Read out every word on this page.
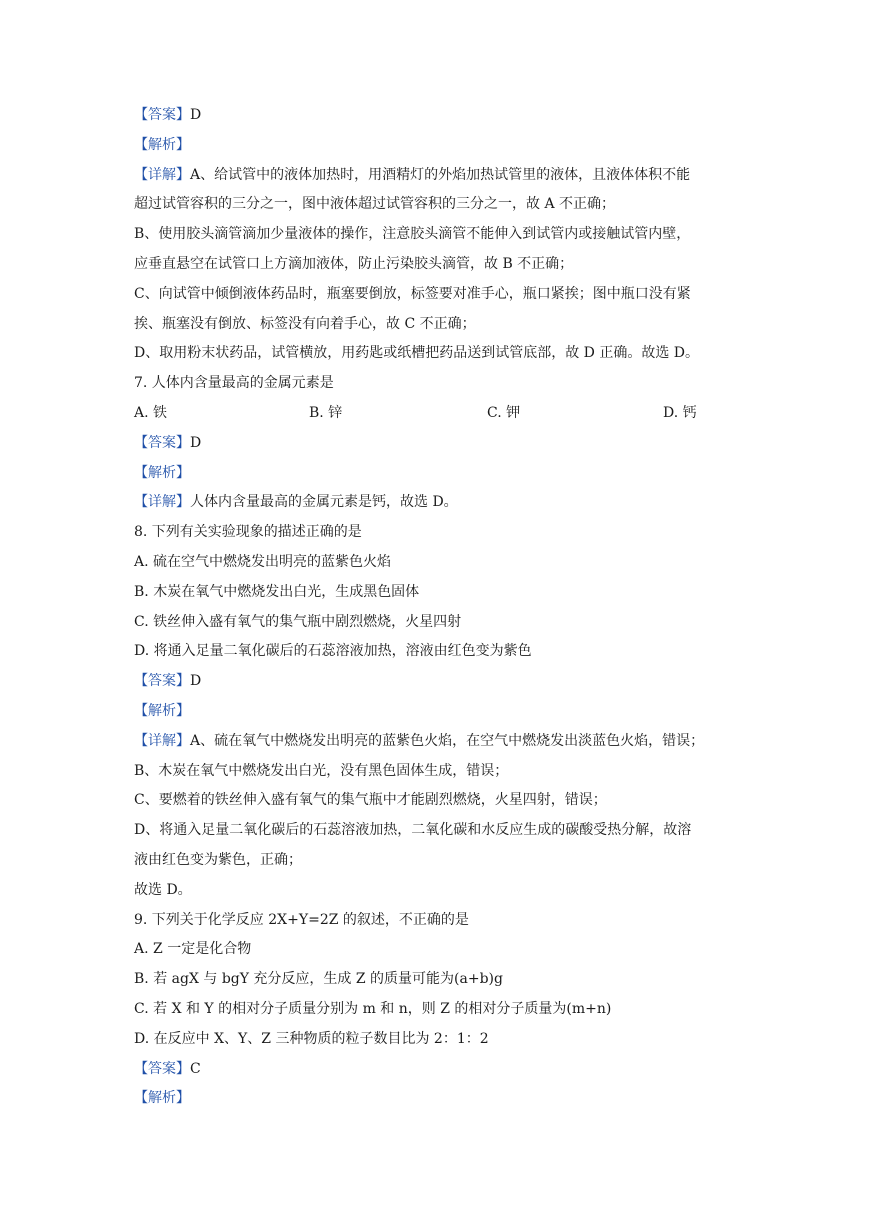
【答案】D
【解析】
【详解】A、给试管中的液体加热时，用酒精灯的外焰加热试管里的液体，且液体体积不能
超过试管容积的三分之一，图中液体超过试管容积的三分之一，故 A 不正确；
B、使用胶头滴管滴加少量液体的操作，注意胶头滴管不能伸入到试管内或接触试管内壁，
应垂直悬空在试管口上方滴加液体，防止污染胶头滴管，故 B 不正确；
C、向试管中倾倒液体药品时，瓶塞要倒放，标签要对准手心，瓶口紧挨；图中瓶口没有紧
挨、瓶塞没有倒放、标签没有向着手心，故 C 不正确；
D、取用粉末状药品，试管横放，用药匙或纸槽把药品送到试管底部，故 D 正确。故选 D。
7. 人体内含量最高的金属元素是
A. 铁	B. 锌	C. 钾	D. 钙
【答案】D
【解析】
【详解】人体内含量最高的金属元素是钙，故选 D。
8. 下列有关实验现象的描述正确的是
A. 硫在空气中燃烧发出明亮的蓝紫色火焰
B. 木炭在氧气中燃烧发出白光，生成黑色固体
C. 铁丝伸入盛有氧气的集气瓶中剧烈燃烧，火星四射
D. 将通入足量二氧化碳后的石蕊溶液加热，溶液由红色变为紫色
【答案】D
【解析】
【详解】A、硫在氧气中燃烧发出明亮的蓝紫色火焰，在空气中燃烧发出淡蓝色火焰，错误；
B、木炭在氧气中燃烧发出白光，没有黑色固体生成，错误；
C、要燃着的铁丝伸入盛有氧气的集气瓶中才能剧烈燃烧，火星四射，错误；
D、将通入足量二氧化碳后的石蕊溶液加热，二氧化碳和水反应生成的碳酸受热分解，故溶
液由红色变为紫色，正确；
故选 D。
9. 下列关于化学反应 2X+Y=2Z 的叙述，不正确的是
A. Z 一定是化合物
B. 若 agX 与 bgY 充分反应，生成 Z 的质量可能为(a+b)g
C. 若 X 和 Y 的相对分子质量分别为 m 和 n，则 Z 的相对分子质量为(m+n)
D. 在反应中 X、Y、Z 三种物质的粒子数目比为 2：1：2
【答案】C
【解析】
